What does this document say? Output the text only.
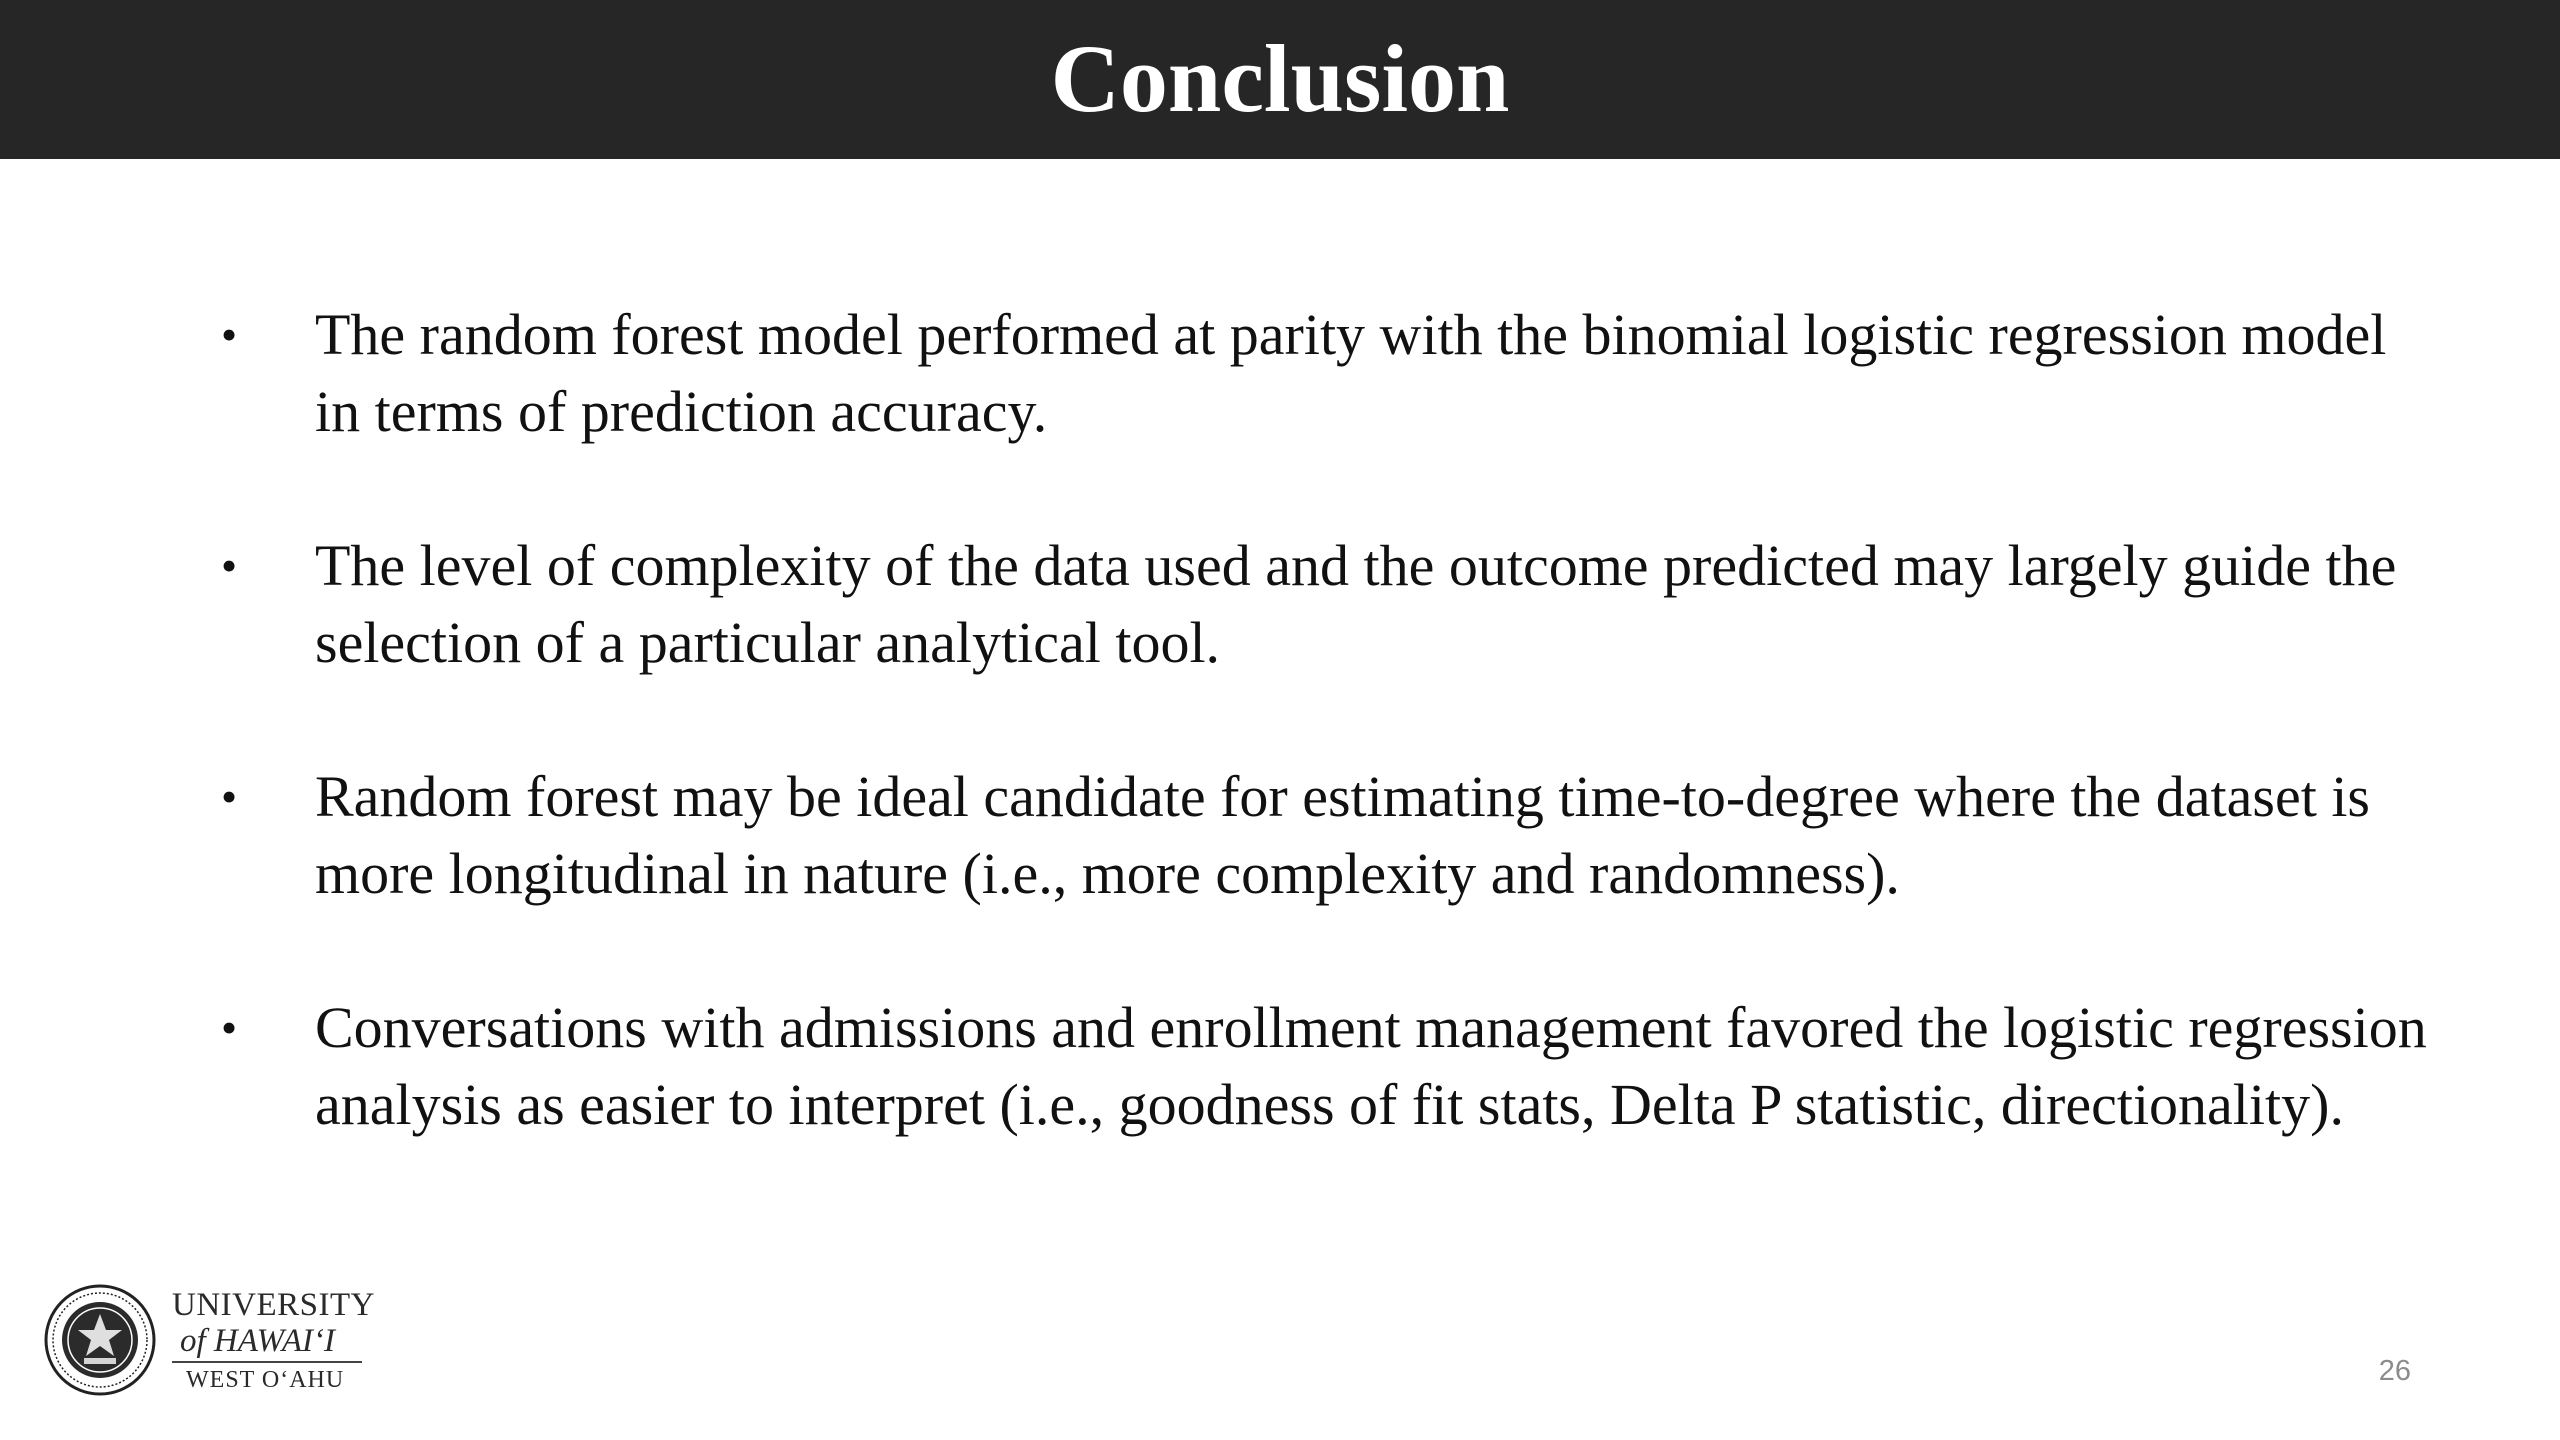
Conclusion
• The random forest model performed at parity with the binomial logistic regression model in terms of prediction accuracy.
• The level of complexity of the data used and the outcome predicted may largely guide the selection of a particular analytical tool.
• Random forest may be ideal candidate for estimating time-to-degree where the dataset is more longitudinal in nature (i.e., more complexity and randomness).
• Conversations with admissions and enrollment management favored the logistic regression analysis as easier to interpret (i.e., goodness of fit stats, Delta P statistic, directionality).
UNIVERSITY
of HAWAI‘I
WEST O‘AHU	26
